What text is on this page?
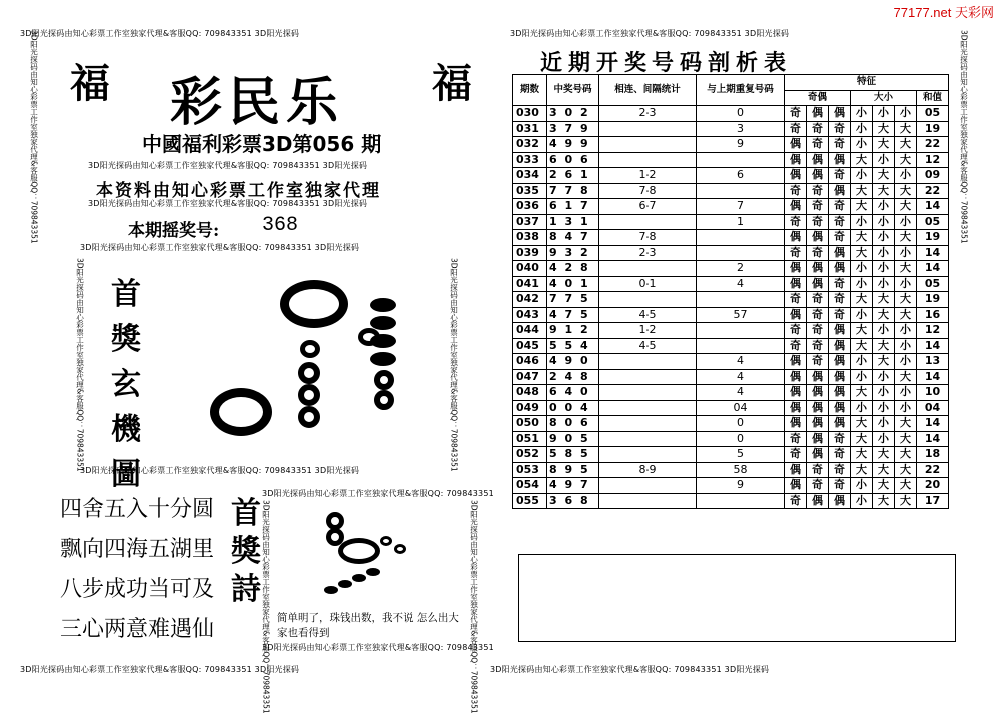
77177.net 天彩网
3D阳光探码由知心彩票工作室独家代理&客服QQ: 709843351 3D阳光探码	3D阳光探码由知心彩票工作室独家代理&客服QQ: 709843351 3D阳光探码
3D阳光探码由知心彩票工作室独家代理&客服QQ: 709843351 3D阳光探码
3D阳光探码由知心彩票工作室独家代理&客服QQ: 709843351 3D阳光探码
3D阳光探码由知心彩票工作室独家代理&客服QQ: 709843351 3D阳光探码
3D阳光探码由知心彩票工作室独家代理&客服QQ: 709843351 3D阳光探码
3D阳光探码由知心彩票工作室独家代理&客服QQ: 709843351
3D阳光探码由知心彩票工作室独家代理&客服QQ: 709843351
3D阳光探码由知心彩票工作室独家代理&客服QQ: 709843351 3D阳光探码	3D阳光探码由知心彩票工作室独家代理&客服QQ: 709843351 3D阳光探码
3D阳光探码由知心彩票工作室独家代理&客服QQ：709843351	3D阳光探码由知心彩票工作室独家代理&客服QQ：709843351
3D阳光探码由知心彩票工作室独家代理&客服QQ：709843351	3D阳光探码由知心彩票工作室独家代理&客服QQ：709843351
3D阳光探码由知心彩票工作室独家代理&客服QQ：709843351	3D阳光探码由知心彩票工作室独家代理&客服QQ：709843351
福	福
彩民乐
中國福利彩票3D第056 期
本资料由知心彩票工作室独家代理
本期摇奖号: 368
首
獎
玄
機
圖
四舍五入十分圆
飘向四海五湖里
八步成功当可及
三心两意难遇仙
首
獎
詩
简单明了，珠钱出数，我不说 怎么出大家也看得到
近期开奖号码剖析表
期数	中奖号码	相连、间隔统计	与上期重复号码	特征						
				奇偶			大小			和值
030	3 0 2	2-3	0	奇	偶	偶	小	小	小	05
031	3 7 9		3	奇	奇	奇	小	大	大	19
032	4 9 9		9	偶	奇	奇	小	大	大	22
033	6 0 6			偶	偶	偶	大	小	大	12
034	2 6 1	1-2	6	偶	偶	奇	小	大	小	09
035	7 7 8	7-8		奇	奇	偶	大	大	大	22
036	6 1 7	6-7	7	偶	奇	奇	大	小	大	14
037	1 3 1		1	奇	奇	奇	小	小	小	05
038	8 4 7	7-8		偶	偶	奇	大	小	大	19
039	9 3 2	2-3		奇	奇	偶	大	小	小	14
040	4 2 8		2	偶	偶	偶	小	小	大	14
041	4 0 1	0-1	4	偶	偶	奇	小	小	小	05
042	7 7 5			奇	奇	奇	大	大	大	19
043	4 7 5	4-5	57	偶	奇	奇	小	大	大	16
044	9 1 2	1-2		奇	奇	偶	大	小	小	12
045	5 5 4	4-5		奇	奇	偶	大	大	小	14
046	4 9 0		4	偶	奇	偶	小	大	小	13
047	2 4 8		4	偶	偶	偶	小	小	大	14
048	6 4 0		4	偶	偶	偶	大	小	小	10
049	0 0 4		04	偶	偶	偶	小	小	小	04
050	8 0 6		0	偶	偶	偶	大	小	大	14
051	9 0 5		0	奇	偶	奇	大	小	大	14
052	5 8 5		5	奇	偶	奇	大	大	大	18
053	8 9 5	8-9	58	偶	奇	奇	大	大	大	22
054	4 9 7		9	偶	奇	奇	小	大	大	20
055	3 6 8			奇	偶	偶	小	大	大	17
